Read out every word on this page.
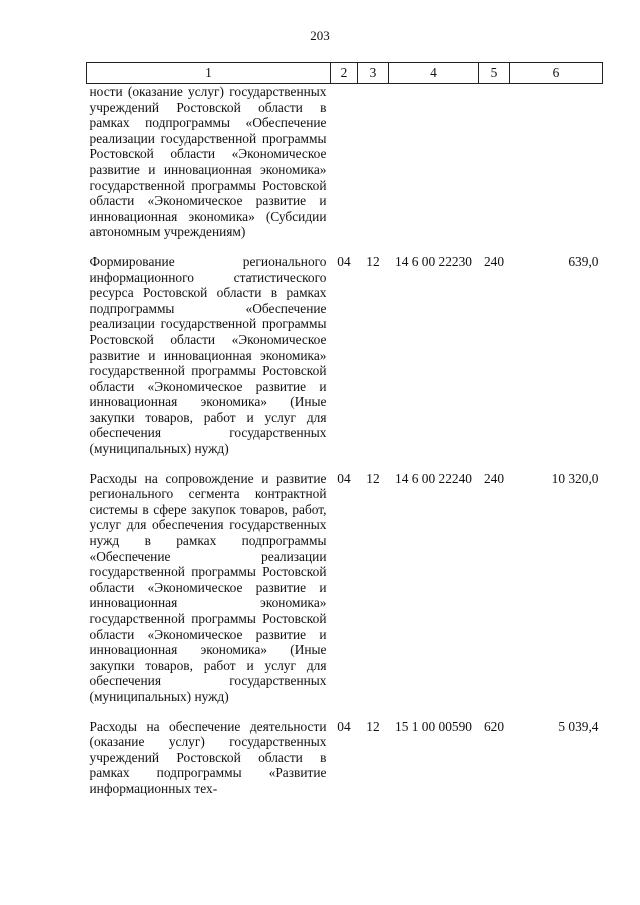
203
1	2	3	4	5	6
ности (оказание услуг) государственных учреждений Ростовской области в рамках подпрограммы «Обеспечение реализации государственной программы Ростовской области «Экономическое развитие и инновационная экономика» государственной программы Ростовской области «Экономическое развитие и инновационная экономика» (Субсидии автономным учреждениям)					
Формирование регионального информационного статистического ресурса Ростовской области в рамках подпрограммы «Обеспечение реализации государственной программы Ростовской области «Экономическое развитие и инновационная экономика» государственной программы Ростовской области «Экономическое развитие и инновационная экономика» (Иные закупки товаров, работ и услуг для обеспечения государственных (муниципальных) нужд)	04	12	14 6 00 22230	240	639,0
Расходы на сопровождение и развитие регионального сегмента контрактной системы в сфере закупок товаров, работ, услуг для обеспечения государственных нужд в рамках подпрограммы «Обеспечение реализации государственной программы Ростовской области «Экономическое развитие и инновационная экономика» государственной программы Ростовской области «Экономическое развитие и инновационная экономика» (Иные закупки товаров, работ и услуг для обеспечения государственных (муниципальных) нужд)	04	12	14 6 00 22240	240	10 320,0
Расходы на обеспечение деятельности (оказание услуг) государственных учреждений Ростовской области в рамках подпрограммы «Развитие информационных тех-	04	12	15 1 00 00590	620	5 039,4
